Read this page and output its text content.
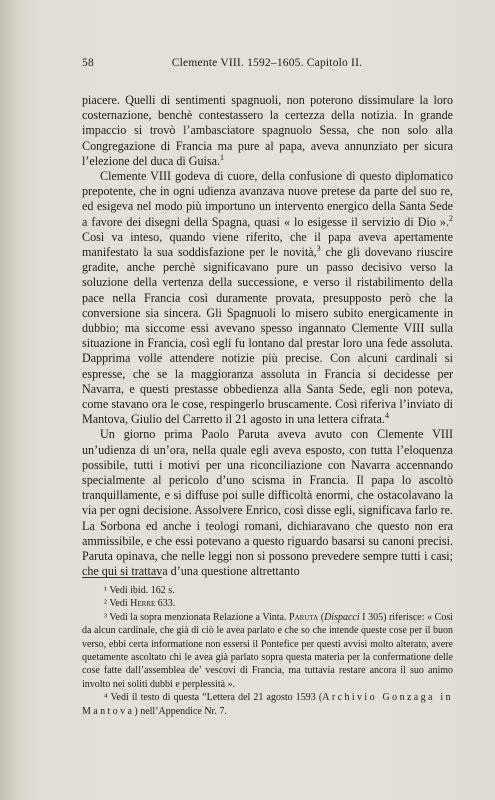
58	Clemente VIII. 1592–1605. Capitolo II.

piacere. Quelli di sentimenti spagnuoli, non poterono dissimulare la loro costernazione, benchè contestassero la certezza della notizia. In grande impaccio si trovò l’ambasciatore spagnuolo Sessa, che non solo alla Congregazione di Francia ma pure al papa, aveva annunziato per sicura l’elezione del duca di Guisa.$^1$

Clemente VIII godeva di cuore, della confusione di questo diplomatico prepotente, che in ogni udienza avanzava nuove pretese da parte del suo re, ed esigeva nel modo più importuno un intervento energico della Santa Sede a favore dei disegni della Spagna, quasi « lo esigesse il servizio di Dio ».$^2$ Così va inteso, quando viene riferito, che il papa aveva apertamente manifestato la sua soddisfazione per le novità,$^3$ che gli dovevano riuscire gradite, anche perchè significavano pure un passo decisivo verso la soluzione della vertenza della successione, e verso il ristabilimento della pace nella Francia così duramente provata, presupposto però che la conversione sia sincera. Gli Spagnuoli lo misero subito energicamente in dubbio; ma siccome essi avevano spesso ingannato Clemente VIII sulla situazione in Francia, così egli fu lontano dal prestar loro una fede assoluta. Dapprima volle attendere notizie più precise. Con alcuni cardinali si espresse, che se la maggioranza assoluta in Francia si decidesse per Navarra, e questi prestasse obbedienza alla Santa Sede, egli non poteva, come stavano ora le cose, respingerlo bruscamente. Così riferiva l’inviato di Mantova, Giulio del Carretto il 21 agosto in una lettera cifrata.$^4$

Un giorno prima Paolo Paruta aveva avuto con Clemente VIII un’udienza di un’ora, nella quale egli aveva esposto, con tutta l’eloquenza possibile, tutti i motivi per una riconciliazione con Navarra accennando specialmente al pericolo d’uno scisma in Francia. Il papa lo ascoltò tranquillamente, e si diffuse poi sulle difficoltà enormi, che ostacolavano la via per ogni decisione. Assolvere Enrico, così disse egli, significava farlo re. La Sorbona ed anche i teologi romani, dichiaravano che questo non era ammissibile, e che essi potevano a questo riguardo basarsi su canoni precisi. Paruta opinava, che nelle leggi non si possono prevedere sempre tutti i casi; che qui si trattava d’una questione altrettanto

¹ Vedi ibid. 162 s.

² Vedi Herre 633.

³ Vedi la sopra menzionata Relazione a Vinta. Paruta (Dispacci I 305) riferisce: « Così da alcun cardinale, che già di ciò le avea parlato e che so che intende queste cose per il buon verso, ebbi certa informatione non essersi il Pontefice per questi avvisi molto alterato, avere quetamente ascoltato chi le avea già parlato sopra questa materia per la confermatione delle cose fatte dall’assemblea de’ vescovi di Francia, ma tuttavia restare ancora il suo animo involto nei soliti dubbi e perplessità ».

⁴ Vedi il testo di questa “Lettera del 21 agosto 1593 (Archivio Gonzaga in Mantova) nell’Appendice Nr. 7.
